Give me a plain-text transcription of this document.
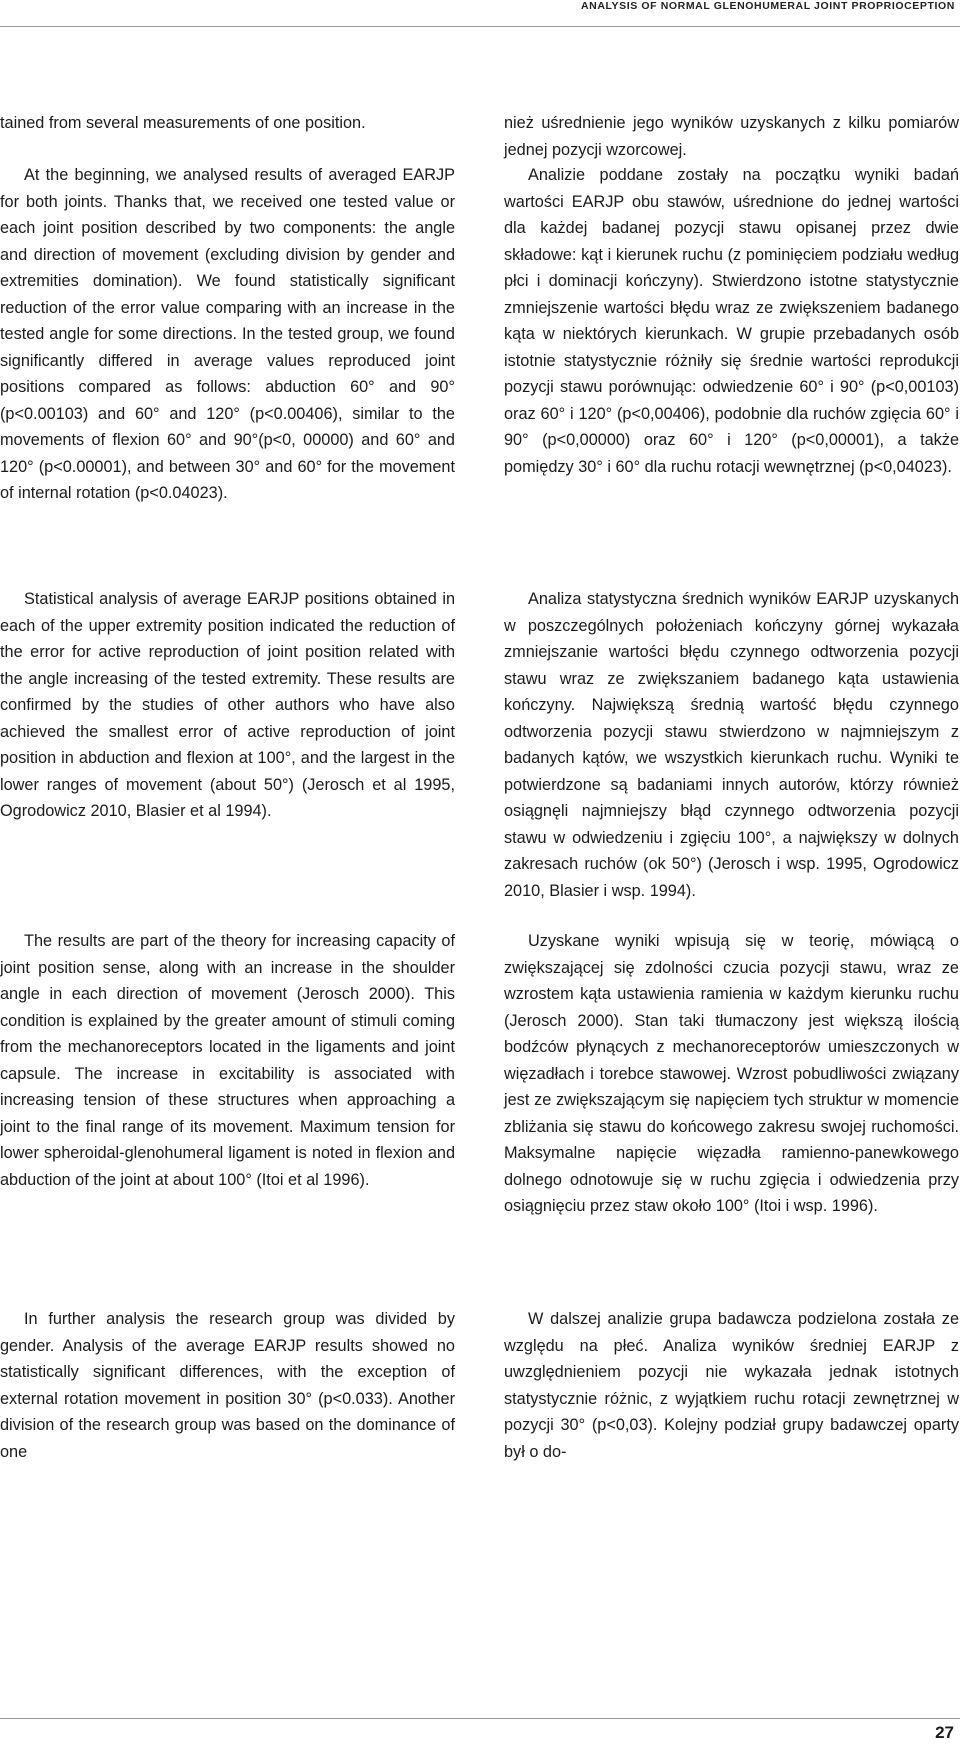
ANALYSIS OF NORMAL GLENOHUMERAL JOINT PROPRIOCEPTION

tained from several measurements of one position.

At the beginning, we analysed results of averaged EARJP for both joints. Thanks that, we received one tested value or each joint position described by two components: the angle and direction of movement (excluding division by gender and extremities domination). We found statistically significant reduction of the error value comparing with an increase in the tested angle for some directions. In the tested group, we found significantly differed in average values reproduced joint positions compared as follows: abduction 60° and 90° (p<0.00103) and 60° and 120° (p<0.00406), similar to the movements of flexion 60° and 90°(p<0, 00000) and 60° and 120° (p<0.00001), and between 30° and 60° for the movement of internal rotation (p<0.04023).

Statistical analysis of average EARJP positions obtained in each of the upper extremity position indicated the reduction of the error for active reproduction of joint position related with the angle increasing of the tested extremity. These results are confirmed by the studies of other authors who have also achieved the smallest error of active reproduction of joint position in abduction and flexion at 100°, and the largest in the lower ranges of movement (about 50°) (Jerosch et al 1995, Ogrodowicz 2010, Blasier et al 1994).

The results are part of the theory for increasing capacity of joint position sense, along with an increase in the shoulder angle in each direction of movement (Jerosch 2000). This condition is explained by the greater amount of stimuli coming from the mechanoreceptors located in the ligaments and joint capsule. The increase in excitability is associated with increasing tension of these structures when approaching a joint to the final range of its movement. Maximum tension for lower spheroidal-glenohumeral ligament is noted in flexion and abduction of the joint at about 100° (Itoi et al 1996).

In further analysis the research group was divided by gender. Analysis of the average EARJP results showed no statistically significant differences, with the exception of external rotation movement in position 30° (p<0.033). Another division of the research group was based on the dominance of one

nież uśrednienie jego wyników uzyskanych z kilku pomiarów jednej pozycji wzorcowej.

Analizie poddane zostały na początku wyniki badań wartości EARJP obu stawów, uśrednione do jednej wartości dla każdej badanej pozycji stawu opisanej przez dwie składowe: kąt i kierunek ruchu (z pominięciem podziału według płci i dominacji kończyny). Stwierdzono istotne statystycznie zmniejszenie wartości błędu wraz ze zwiększeniem badanego kąta w niektórych kierunkach. W grupie przebadanych osób istotnie statystycznie różniły się średnie wartości reprodukcji pozycji stawu porównując: odwiedzenie 60° i 90° (p<0,00103) oraz 60° i 120° (p<0,00406), podobnie dla ruchów zgięcia 60° i 90° (p<0,00000) oraz 60° i 120° (p<0,00001), a także pomiędzy 30° i 60° dla ruchu rotacji wewnętrznej (p<0,04023).

Analiza statystyczna średnich wyników EARJP uzyskanych w poszczególnych położeniach kończyny górnej wykazała zmniejszanie wartości błędu czynnego odtworzenia pozycji stawu wraz ze zwiększaniem badanego kąta ustawienia kończyny. Największą średnią wartość błędu czynnego odtworzenia pozycji stawu stwierdzono w najmniejszym z badanych kątów, we wszystkich kierunkach ruchu. Wyniki te potwierdzone są badaniami innych autorów, którzy również osiągnęli najmniejszy błąd czynnego odtworzenia pozycji stawu w odwiedzeniu i zgięciu 100°, a największy w dolnych zakresach ruchów (ok 50°) (Jerosch i wsp. 1995, Ogrodowicz 2010, Blasier i wsp. 1994).

Uzyskane wyniki wpisują się w teorię, mówiącą o zwiększającej się zdolności czucia pozycji stawu, wraz ze wzrostem kąta ustawienia ramienia w każdym kierunku ruchu (Jerosch 2000). Stan taki tłumaczony jest większą ilością bodźców płynących z mechanoreceptorów umieszczonych w więzadłach i torebce stawowej. Wzrost pobudliwości związany jest ze zwiększającym się napięciem tych struktur w momencie zbliżania się stawu do końcowego zakresu swojej ruchomości. Maksymalne napięcie więzadła ramienno-panewkowego dolnego odnotowuje się w ruchu zgięcia i odwiedzenia przy osiągnięciu przez staw około 100° (Itoi i wsp. 1996).

W dalszej analizie grupa badawcza podzielona została ze względu na płeć. Analiza wyników średniej EARJP z uwzględnieniem pozycji nie wykazała jednak istotnych statystycznie różnic, z wyjątkiem ruchu rotacji zewnętrznej w pozycji 30° (p<0,03). Kolejny podział grupy badawczej oparty był o do-

27
